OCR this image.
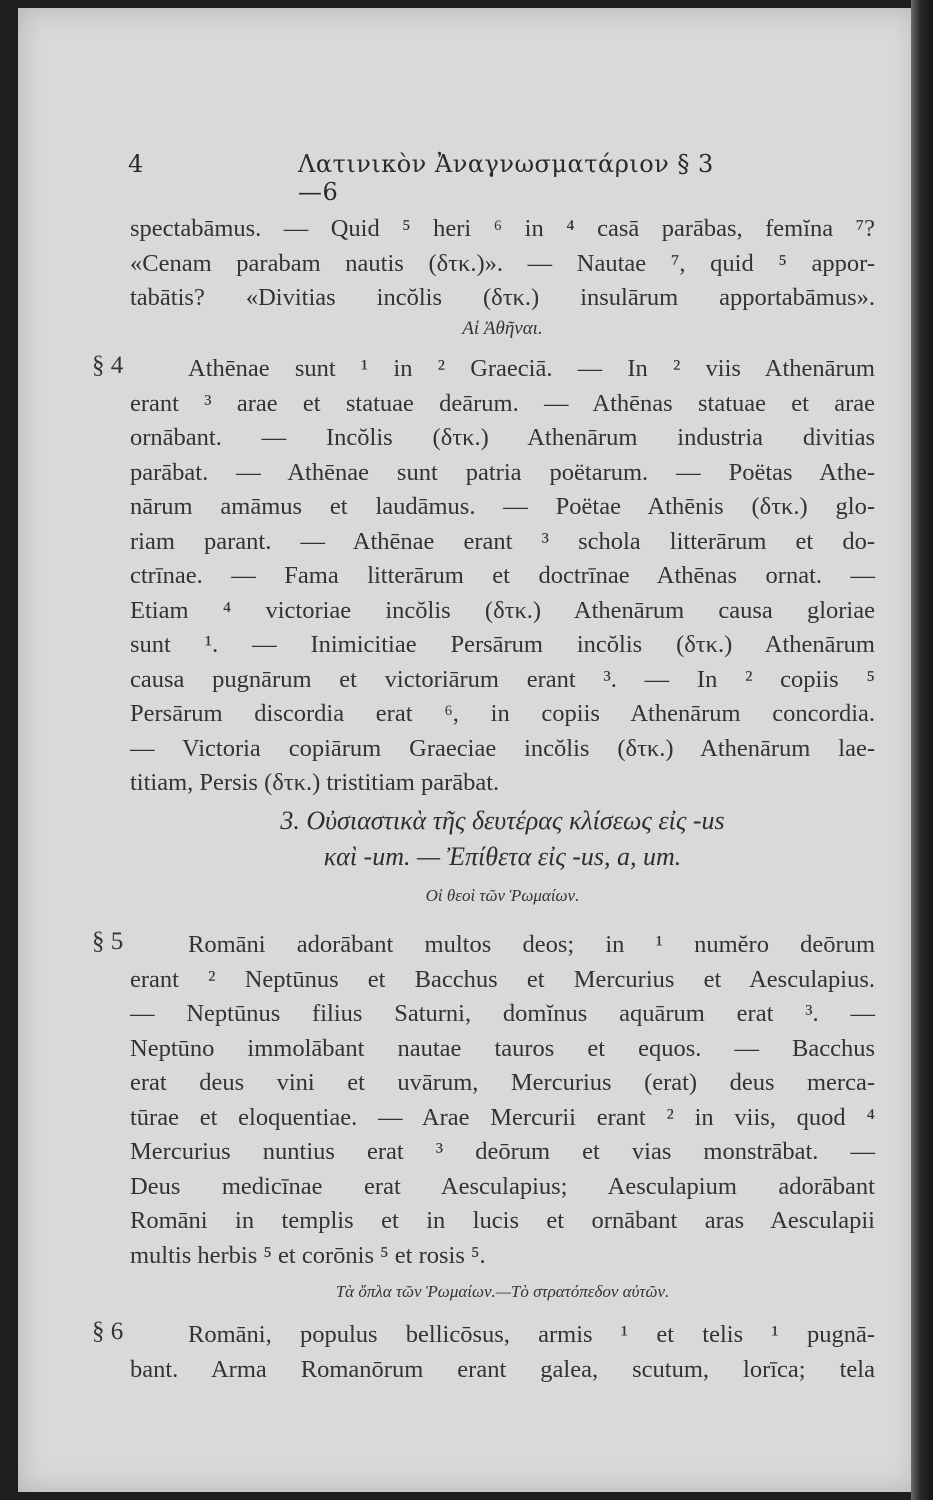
4	Λατινικὸν Ἀναγνωσματάριον § 3—6
spectabāmus. — Quid ⁵ heri ⁶ in ⁴ casā parābas, femĭna ⁷?
«Cenam parabam nautis (δτκ.)». — Nautae ⁷, quid ⁵ appor-
tabātis? «Divitias incŏlis (δτκ.) insulārum apportabāmus».
Αἱ Ἀθῆναι.
§ 4	Athēnae sunt ¹ in ² Graeciā. — In ² viis Athenārum
erant ³ arae et statuae deārum. — Athēnas statuae et arae
ornābant. — Incŏlis (δτκ.) Athenārum industria divitias
parābat. — Athēnae sunt patria poëtarum. — Poëtas Athe-
nārum amāmus et laudāmus. — Poëtae Athēnis (δτκ.) glo-
riam parant. — Athēnae erant ³ schola litterārum et do-
ctrīnae. — Fama litterārum et doctrīnae Athēnas ornat. —
Etiam ⁴ victoriae incŏlis (δτκ.) Athenārum causa gloriae
sunt ¹. — Inimicitiae Persārum incŏlis (δτκ.) Athenārum
causa pugnārum et victoriārum erant ³. — In ² copiis ⁵
Persārum discordia erat ⁶, in copiis Athenārum concordia.
— Victoria copiārum Graeciae incŏlis (δτκ.) Athenārum lae-
titiam, Persis (δτκ.) tristitiam parābat.
3. Οὐσιαστικὰ τῆς δευτέρας κλίσεως εἰς -us
καὶ -um. — Ἐπίθετα εἰς -us, a, um.
Οἱ θεοὶ τῶν Ῥωμαίων.
§ 5	Romāni adorābant multos deos; in ¹ numĕro deōrum
erant ² Neptūnus et Bacchus et Mercurius et Aesculapius.
— Neptūnus filius Saturni, domĭnus aquārum erat ³. —
Neptūno immolābant nautae tauros et equos. — Bacchus
erat deus vini et uvārum, Mercurius (erat) deus merca-
tūrae et eloquentiae. — Arae Mercurii erant ² in viis, quod ⁴
Mercurius nuntius erat ³ deōrum et vias monstrābat. —
Deus medicīnae erat Aesculapius; Aesculapium adorābant
Romāni in templis et in lucis et ornābant aras Aesculapii
multis herbis ⁵ et corōnis ⁵ et rosis ⁵.
Τὰ ὅπλα τῶν Ῥωμαίων.—Τὸ στρατόπεδον αὐτῶν.
§ 6	Romāni, populus bellicōsus, armis ¹ et telis ¹ pugnā-
bant. Arma Romanōrum erant galea, scutum, lorīca; tela
